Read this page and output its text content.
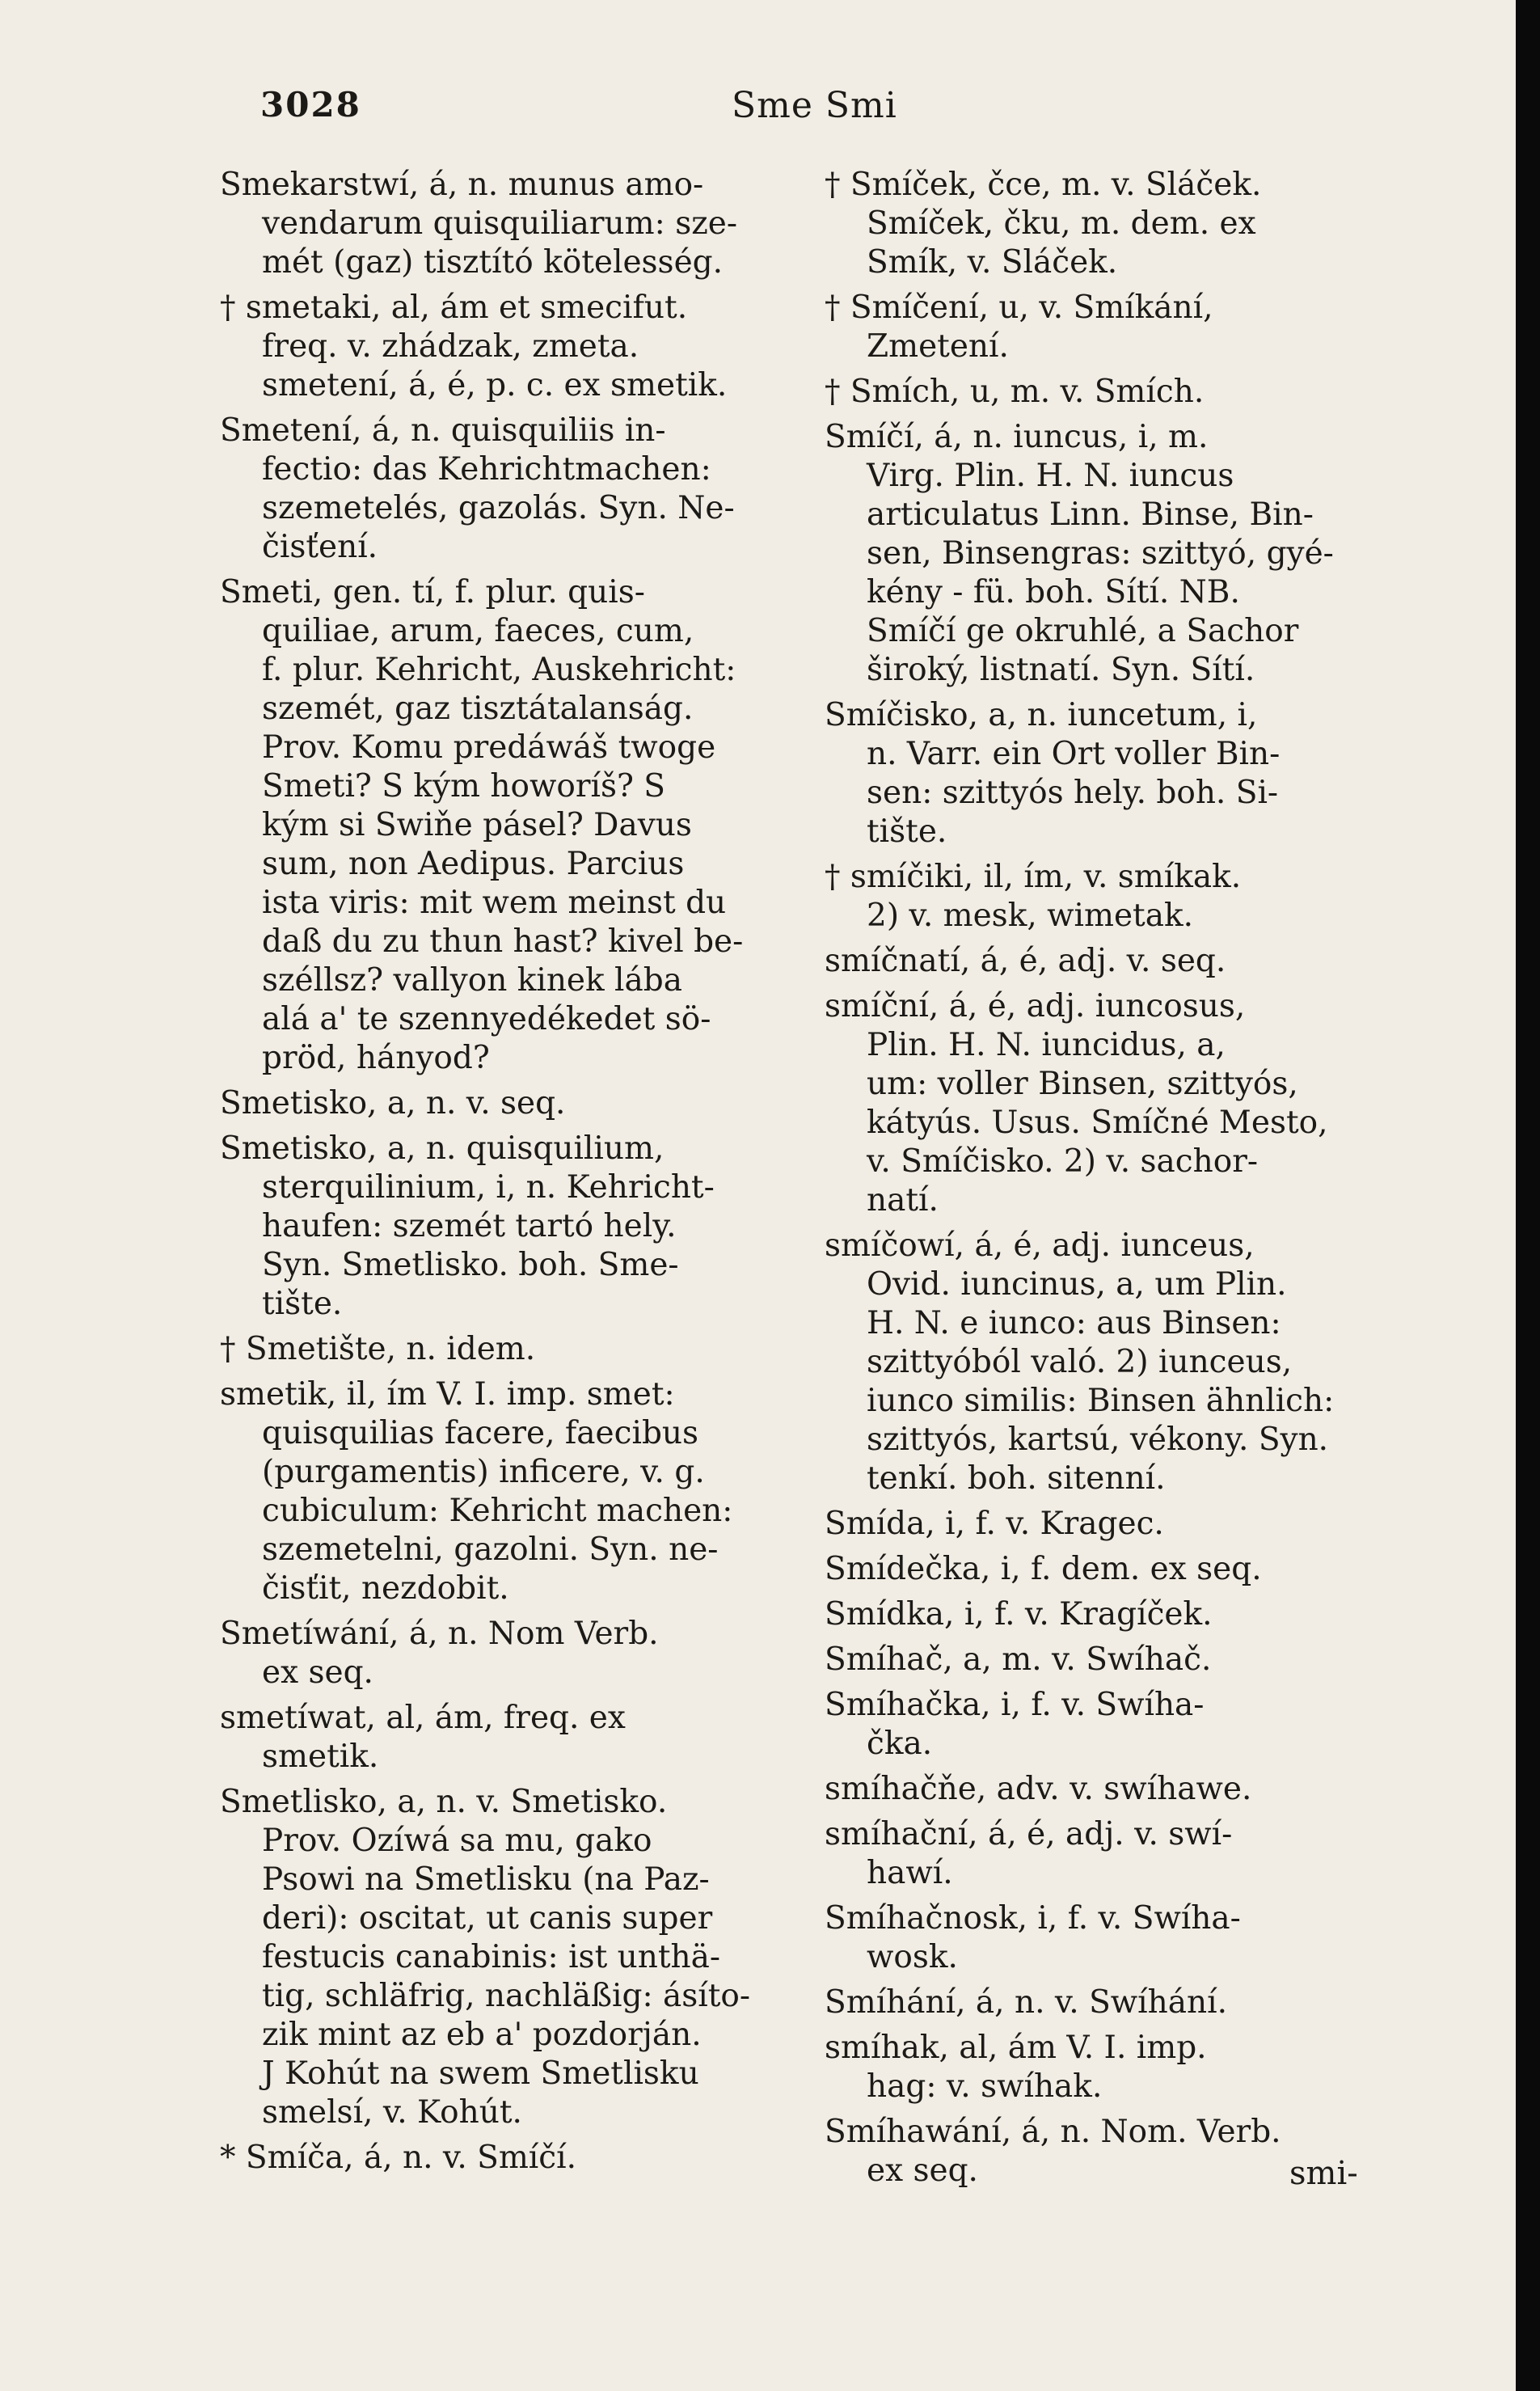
3028	Sme Smi
Smekarstwí, á, n. munus amo-
vendarum quisquiliarum: sze-
mét (gaz) tisztító kötelesség.
† smetaki, al, ám et smecifut.
freq. v. zhádzak, zmeta.
smetení, á, é, p. c. ex smetik.
Smetení, á, n. quisquiliis in-
fectio: das Kehrichtmachen:
szemetelés, gazolás. Syn. Ne-
čisťení.
Smeti, gen. tí, f. plur. quis-
quiliae, arum, faeces, cum,
f. plur. Kehricht, Auskehricht:
szemét, gaz tisztátalanság.
Prov. Komu predáwáš twoge
Smeti? S kým howoríš? S
kým si Swiňe pásel? Davus
sum, non Aedipus. Parcius
ista viris: mit wem meinst du
daß du zu thun hast? kivel be-
széllsz? vallyon kinek lába
alá a' te szennyedékedet sö-
pröd, hányod?
Smetisko, a, n. v. seq.
Smetisko, a, n. quisquilium,
sterquilinium, i, n. Kehricht-
haufen: szemét tartó hely.
Syn. Smetlisko. boh. Sme-
tište.
† Smetište, n. idem.
smetik, il, ím V. I. imp. smet:
quisquilias facere, faecibus
(purgamentis) inficere, v. g.
cubiculum: Kehricht machen:
szemetelni, gazolni. Syn. ne-
čisťit, nezdobit.
Smetíwání, á, n. Nom Verb.
ex seq.
smetíwat, al, ám, freq. ex
smetik.
Smetlisko, a, n. v. Smetisko.
Prov. Ozíwá sa mu, gako
Psowi na Smetlisku (na Paz-
deri): oscitat, ut canis super
festucis canabinis: ist unthä-
tig, schläfrig, nachläßig: ásíto-
zik mint az eb a' pozdorján.
J Kohút na swem Smetlisku
smelsí, v. Kohút.
* Smíča, á, n. v. Smíčí.
† Smíček, čce, m. v. Sláček.
Smíček, čku, m. dem. ex
Smík, v. Sláček.
† Smíčení, u, v. Smíkání,
Zmetení.
† Smích, u, m. v. Smích.
Smíčí, á, n. iuncus, i, m.
Virg. Plin. H. N. iuncus
articulatus Linn. Binse, Bin-
sen, Binsengras: szittyó, gyé-
kény - fü. boh. Sítí. NB.
Smíčí ge okruhlé, a Sachor
široký, listnatí. Syn. Sítí.
Smíčisko, a, n. iuncetum, i,
n. Varr. ein Ort voller Bin-
sen: szittyós hely. boh. Si-
tište.
† smíčiki, il, ím, v. smíkak.
2) v. mesk, wimetak.
smíčnatí, á, é, adj. v. seq.
smíční, á, é, adj. iuncosus,
Plin. H. N. iuncidus, a,
um: voller Binsen, szittyós,
kátyús. Usus. Smíčné Mesto,
v. Smíčisko. 2) v. sachor-
natí.
smíčowí, á, é, adj. iunceus,
Ovid. iuncinus, a, um Plin.
H. N. e iunco: aus Binsen:
szittyóból való. 2) iunceus,
iunco similis: Binsen ähnlich:
szittyós, kartsú, vékony. Syn.
tenkí. boh. sitenní.
Smída, i, f. v. Kragec.
Smídečka, i, f. dem. ex seq.
Smídka, i, f. v. Kragíček.
Smíhač, a, m. v. Swíhač.
Smíhačka, i, f. v. Swíha-
čka.
smíhačňe, adv. v. swíhawe.
smíhační, á, é, adj. v. swí-
hawí.
Smíhačnosk, i, f. v. Swíha-
wosk.
Smíhání, á, n. v. Swíhání.
smíhak, al, ám V. I. imp.
hag: v. swíhak.
Smíhawání, á, n. Nom. Verb.
ex seq.	smi-
